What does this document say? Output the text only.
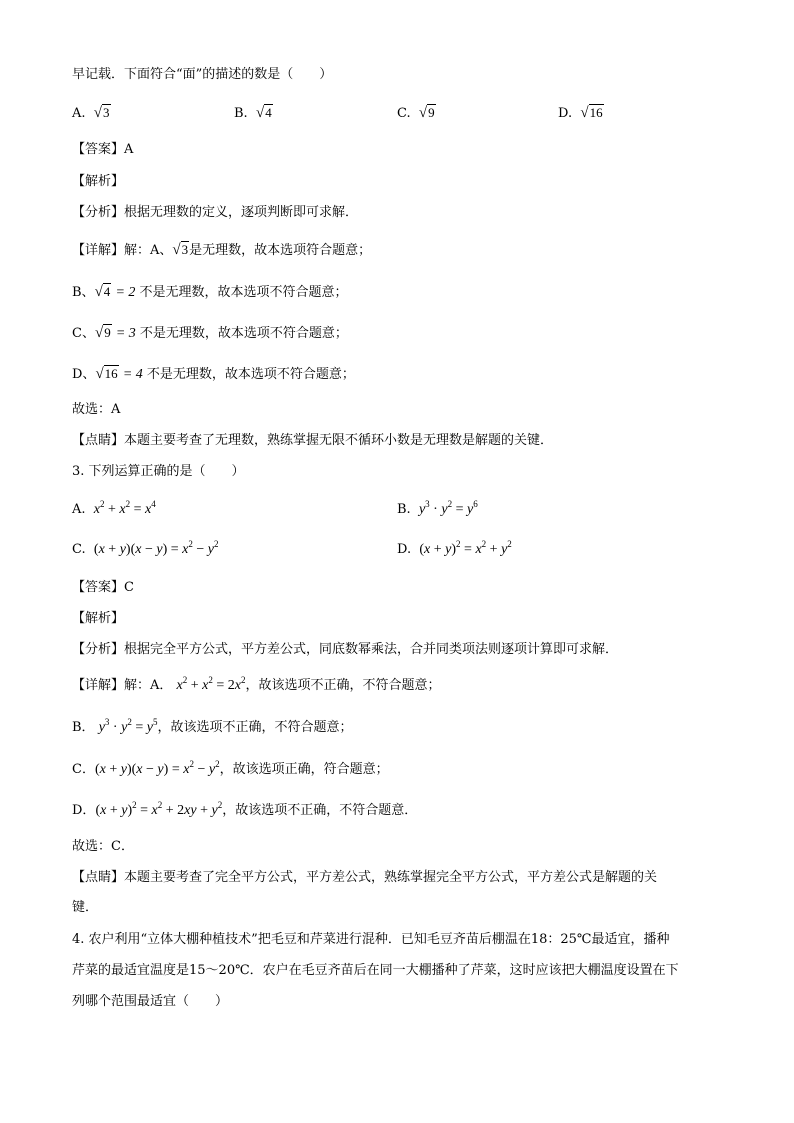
早记载．下面符合“面”的描述的数是（　　）
A. √3	B. √4	C. √9	D. √16
【答案】A
【解析】
【分析】根据无理数的定义，逐项判断即可求解．
【详解】解：A、√3是无理数，故本选项符合题意；
B、√4 = 2 不是无理数，故本选项不符合题意；
C、√9 = 3 不是无理数，故本选项不符合题意；
D、√16 = 4 不是无理数，故本选项不符合题意；
故选：A
【点睛】本题主要考查了无理数，熟练掌握无限不循环小数是无理数是解题的关键．
3. 下列运算正确的是（　　）
A. $x^2 + x^2 = x^4$	B. $y^3 \cdot y^2 = y^6$
C. $(x + y)(x - y) = x^2 - y^2$	D. $(x + y)^2 = x^2 + y^2$
【答案】C
【解析】
【分析】根据完全平方公式，平方差公式，同底数幂乘法，合并同类项法则逐项计算即可求解．
【详解】解：A． $x^2 + x^2 = 2x^2$，故该选项不正确，不符合题意；
B． $y^3 \cdot y^2 = y^5$，故该选项不正确，不符合题意；
C．$(x + y)(x - y) = x^2 - y^2$，故该选项正确，符合题意；
D．$(x + y)^2 = x^2 + 2xy + y^2$，故该选项不正确，不符合题意．
故选：C．
【点睛】本题主要考查了完全平方公式，平方差公式，熟练掌握完全平方公式，平方差公式是解题的关
键．
4. 农户利用“立体大棚种植技术”把毛豆和芹菜进行混种．已知毛豆齐苗后棚温在18：25℃最适宜，播种
芹菜的最适宜温度是15～20℃．农户在毛豆齐苗后在同一大棚播种了芹菜，这时应该把大棚温度设置在下
列哪个范围最适宜（　　）
